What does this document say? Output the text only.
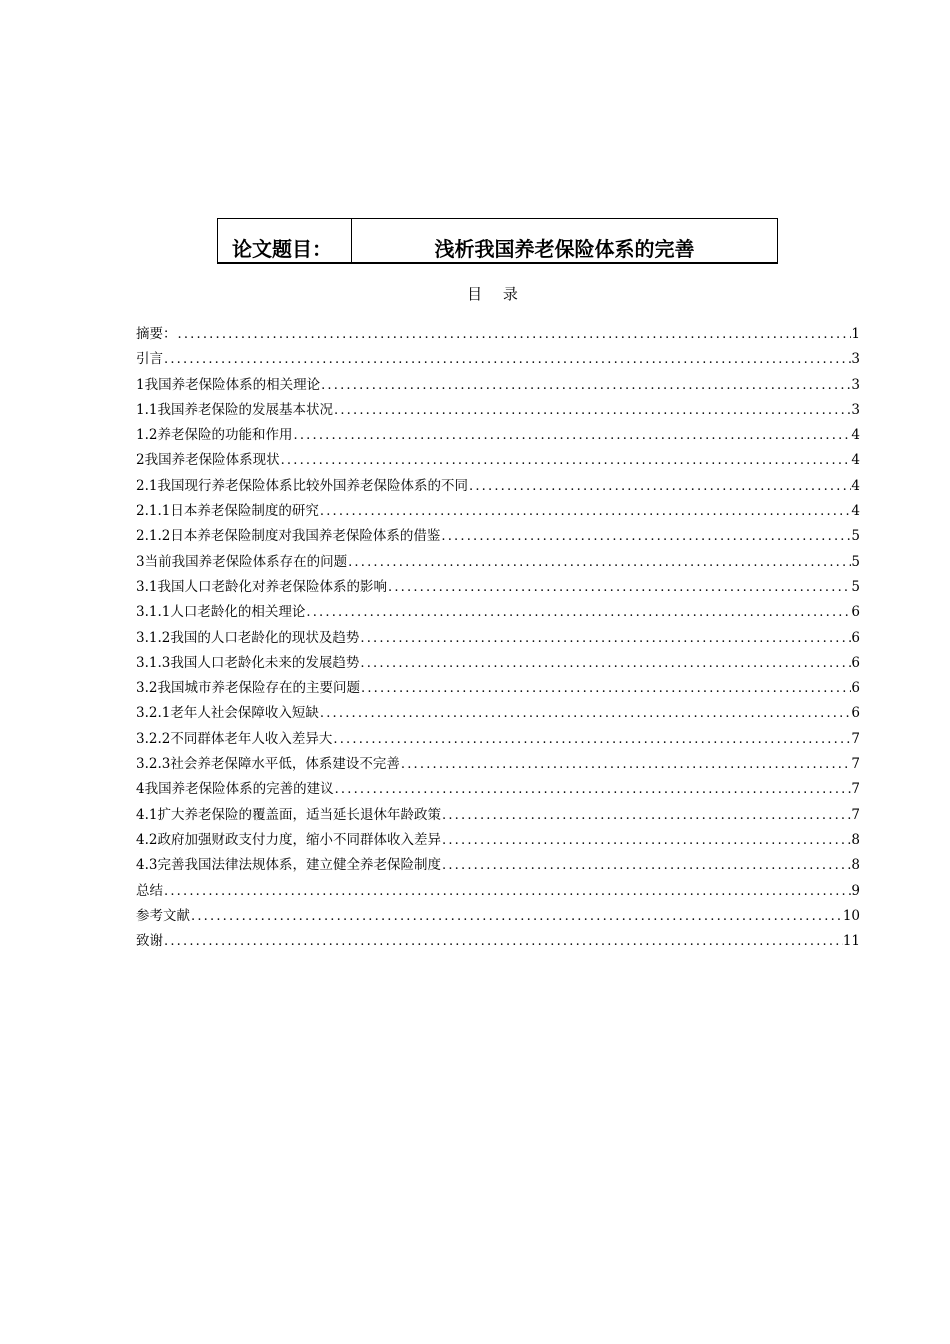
论文题目：	浅析我国养老保险体系的完善
目 录
摘要： .....	1
引言 .....	3
1我国养老保险体系的相关理论 .....	3
1.1我国养老保险的发展基本状况 .....	3
1.2养老保险的功能和作用 .....	4
2我国养老保险体系现状 .....	4
2.1我国现行养老保险体系比较外国养老保险体系的不同 .....	4
2.1.1日本养老保险制度的研究 .....	4
2.1.2日本养老保险制度对我国养老保险体系的借鉴 .....	5
3当前我国养老保险体系存在的问题 .....	5
3.1我国人口老龄化对养老保险体系的影响 .....	5
3.1.1人口老龄化的相关理论 .....	6
3.1.2我国的人口老龄化的现状及趋势 .....	6
3.1.3我国人口老龄化未来的发展趋势 .....	6
3.2我国城市养老保险存在的主要问题 .....	6
3.2.1老年人社会保障收入短缺 .....	6
3.2.2不同群体老年人收入差异大 .....	7
3.2.3社会养老保障水平低，体系建设不完善 .....	7
4我国养老保险体系的完善的建议 .....	7
4.1扩大养老保险的覆盖面，适当延长退休年龄政策 .....	7
4.2政府加强财政支付力度，缩小不同群体收入差异 .....	8
4.3完善我国法律法规体系，建立健全养老保险制度 .....	8
总结 .....	9
参考文献 .....	10
致谢 .....	11
